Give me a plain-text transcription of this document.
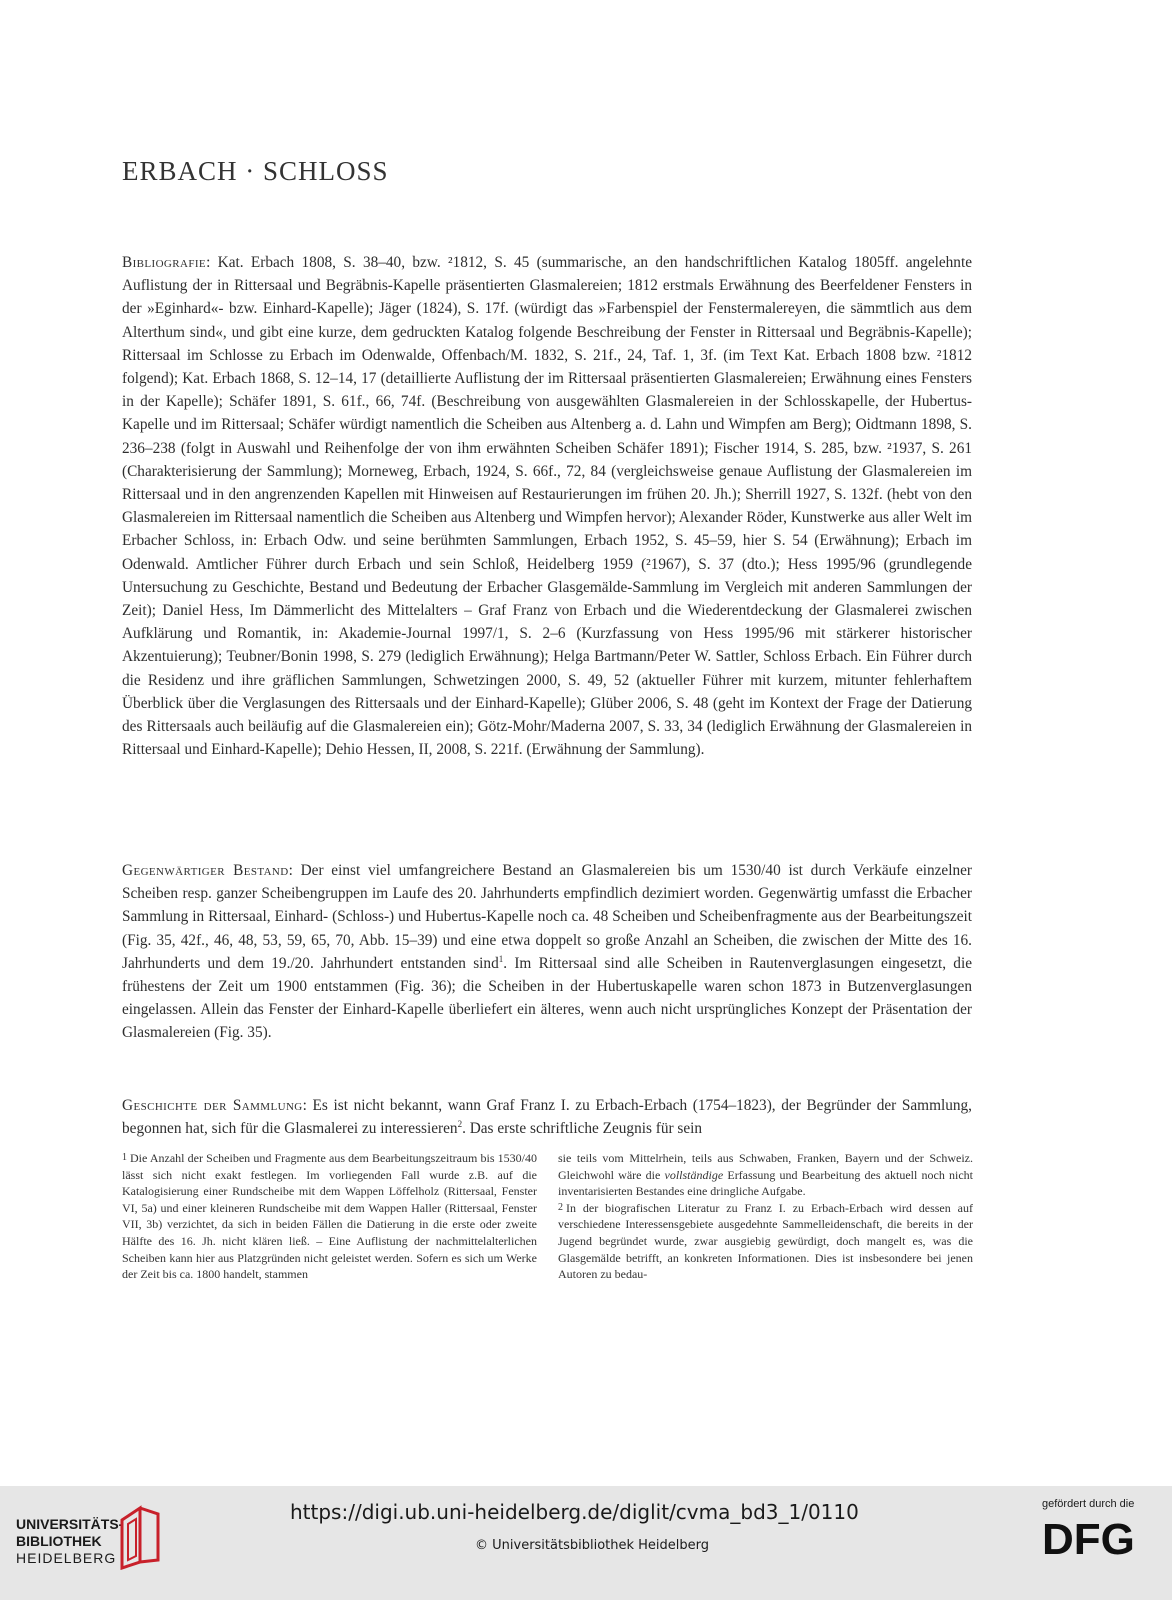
ERBACH · SCHLOSS

Bibliografie: Kat. Erbach 1808, S. 38–40, bzw. ²1812, S. 45 (summarische, an den handschriftlichen Katalog 1805ff. angelehnte Auflistung der in Rittersaal und Begräbnis-Kapelle präsentierten Glasmalereien; 1812 erstmals Erwähnung des Beerfeldener Fensters in der »Eginhard«- bzw. Einhard-Kapelle); Jäger (1824), S. 17f. (würdigt das »Farbenspiel der Fenstermalereyen, die sämmtlich aus dem Alterthum sind«, und gibt eine kurze, dem gedruckten Katalog folgende Beschreibung der Fenster in Rittersaal und Begräbnis-Kapelle); Rittersaal im Schlosse zu Erbach im Odenwalde, Offenbach/M. 1832, S. 21f., 24, Taf. 1, 3f. (im Text Kat. Erbach 1808 bzw. ²1812 folgend); Kat. Erbach 1868, S. 12–14, 17 (detaillierte Auflistung der im Rittersaal präsentierten Glasmalereien; Erwähnung eines Fensters in der Kapelle); Schäfer 1891, S. 61f., 66, 74f. (Beschreibung von ausgewählten Glasmalereien in der Schlosskapelle, der Hubertus-Kapelle und im Rittersaal; Schäfer würdigt namentlich die Scheiben aus Altenberg a. d. Lahn und Wimpfen am Berg); Oidtmann 1898, S. 236–238 (folgt in Auswahl und Reihenfolge der von ihm erwähnten Scheiben Schäfer 1891); Fischer 1914, S. 285, bzw. ²1937, S. 261 (Charakterisierung der Sammlung); Morneweg, Erbach, 1924, S. 66f., 72, 84 (vergleichsweise genaue Auflistung der Glasmalereien im Rittersaal und in den angrenzenden Kapellen mit Hinweisen auf Restaurierungen im frühen 20. Jh.); Sherrill 1927, S. 132f. (hebt von den Glasmalereien im Rittersaal namentlich die Scheiben aus Altenberg und Wimpfen hervor); Alexander Röder, Kunstwerke aus aller Welt im Erbacher Schloss, in: Erbach Odw. und seine berühmten Sammlungen, Erbach 1952, S. 45–59, hier S. 54 (Erwähnung); Erbach im Odenwald. Amtlicher Führer durch Erbach und sein Schloß, Heidelberg 1959 (²1967), S. 37 (dto.); Hess 1995/96 (grundlegende Untersuchung zu Geschichte, Bestand und Bedeutung der Erbacher Glasgemälde-Sammlung im Vergleich mit anderen Sammlungen der Zeit); Daniel Hess, Im Dämmerlicht des Mittelalters – Graf Franz von Erbach und die Wiederentdeckung der Glasmalerei zwischen Aufklärung und Romantik, in: Akademie-Journal 1997/1, S. 2–6 (Kurzfassung von Hess 1995/96 mit stärkerer historischer Akzentuierung); Teubner/Bonin 1998, S. 279 (lediglich Erwähnung); Helga Bartmann/Peter W. Sattler, Schloss Erbach. Ein Führer durch die Residenz und ihre gräflichen Sammlungen, Schwetzingen 2000, S. 49, 52 (aktueller Führer mit kurzem, mitunter fehlerhaftem Überblick über die Verglasungen des Rittersaals und der Einhard-Kapelle); Glüber 2006, S. 48 (geht im Kontext der Frage der Datierung des Rittersaals auch beiläufig auf die Glasmalereien ein); Götz-Mohr/Maderna 2007, S. 33, 34 (lediglich Erwähnung der Glasmalereien in Rittersaal und Einhard-Kapelle); Dehio Hessen, II, 2008, S. 221f. (Erwähnung der Sammlung).

Gegenwärtiger Bestand: Der einst viel umfangreichere Bestand an Glasmalereien bis um 1530/40 ist durch Verkäufe einzelner Scheiben resp. ganzer Scheibengruppen im Laufe des 20. Jahrhunderts empfindlich dezimiert worden. Gegenwärtig umfasst die Erbacher Sammlung in Rittersaal, Einhard- (Schloss-) und Hubertus-Kapelle noch ca. 48 Scheiben und Scheibenfragmente aus der Bearbeitungszeit (Fig. 35, 42f., 46, 48, 53, 59, 65, 70, Abb. 15–39) und eine etwa doppelt so große Anzahl an Scheiben, die zwischen der Mitte des 16. Jahrhunderts und dem 19./20. Jahrhundert entstanden sind$^1$. Im Rittersaal sind alle Scheiben in Rautenverglasungen eingesetzt, die frühestens der Zeit um 1900 entstammen (Fig. 36); die Scheiben in der Hubertuskapelle waren schon 1873 in Butzenverglasungen eingelassen. Allein das Fenster der Einhard-Kapelle überliefert ein älteres, wenn auch nicht ursprüngliches Konzept der Präsentation der Glasmalereien (Fig. 35).

Geschichte der Sammlung: Es ist nicht bekannt, wann Graf Franz I. zu Erbach-Erbach (1754–1823), der Begründer der Sammlung, begonnen hat, sich für die Glasmalerei zu interessieren$^2$. Das erste schriftliche Zeugnis für sein

1 Die Anzahl der Scheiben und Fragmente aus dem Bearbeitungszeitraum bis 1530/40 lässt sich nicht exakt festlegen. Im vorliegenden Fall wurde z.B. auf die Katalogisierung einer Rundscheibe mit dem Wappen Löffelholz (Rittersaal, Fenster VI, 5a) und einer kleineren Rundscheibe mit dem Wappen Haller (Rittersaal, Fenster VII, 3b) verzichtet, da sich in beiden Fällen die Datierung in die erste oder zweite Hälfte des 16. Jh. nicht klären ließ. – Eine Auflistung der nachmittelalterlichen Scheiben kann hier aus Platzgründen nicht geleistet werden. Sofern es sich um Werke der Zeit bis ca. 1800 handelt, stammen

sie teils vom Mittelrhein, teils aus Schwaben, Franken, Bayern und der Schweiz. Gleichwohl wäre die vollständige Erfassung und Bearbeitung des aktuell noch nicht inventarisierten Bestandes eine dringliche Aufgabe.

2 In der biografischen Literatur zu Franz I. zu Erbach-Erbach wird dessen auf verschiedene Interessensgebiete ausgedehnte Sammelleidenschaft, die bereits in der Jugend begründet wurde, zwar ausgiebig gewürdigt, doch mangelt es, was die Glasgemälde betrifft, an konkreten Informationen. Dies ist insbesondere bei jenen Autoren zu bedau-

UNIVERSITÄTS-
BIBLIOTHEK
HEIDELBERG
https://digi.ub.uni-heidelberg.de/diglit/cvma_bd3_1/0110
© Universitätsbibliothek Heidelberg
gefördert durch die
DFG
